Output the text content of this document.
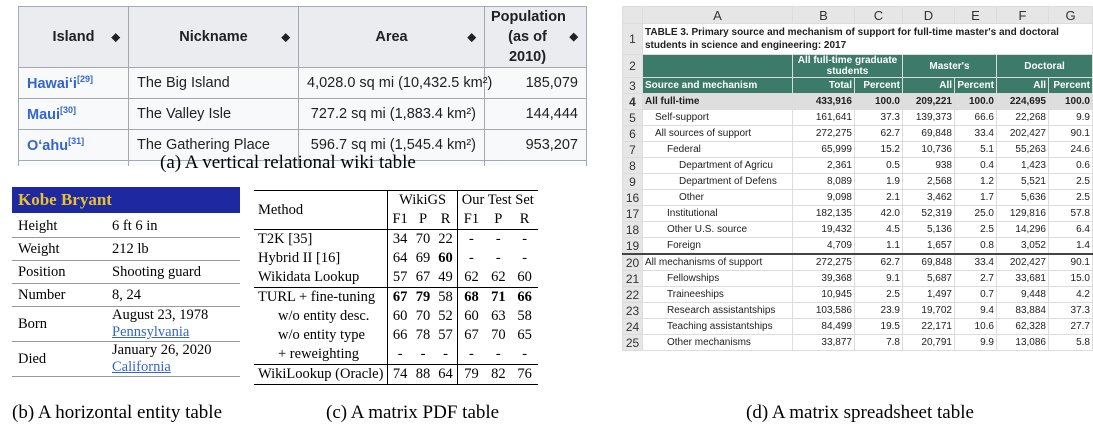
Island ◆	Nickname ◆	Area ◆	Population (as of 2010)
◆

Hawaiʻi[29]	The Big Island	4,028.0 sq mi (10,432.5 km²)	185,079
Maui[30]	The Valley Isle	727.2 sq mi (1,883.4 km²)	144,444
Oʻahu[31]	The Gathering Place	596.7 sq mi (1,545.4 km²)	953,207

(a) A vertical relational wiki table
Kobe Bryant
Height	6 ft 6 in

Weight	212 lb

Position	Shooting guard

Number	8, 24

Born	August 23, 1978
Pennsylvania
Died	January 26, 2020
California
(b) A horizontal entity table
Method	WikiGS			Our Test Set		
	F1	P	R	F1	P	R
T2K [35]	34	70	22	-	-	-
Hybrid II [16]	64	69	60	-	-	-
Wikidata Lookup	57	67	49	62	62	60
TURL + fine-tuning	67	79	58	68	71	66
w/o entity desc.	60	70	52	60	63	58
w/o entity type	66	78	57	67	70	65
+ reweighting	-	-	-	-	-	-
WikiLookup (Oracle)	74	88	64	79	82	76
(c) A matrix PDF table
	A	B	C	D	E	F	G
1	TABLE 3. Primary source and mechanism of support for full-time master's and doctoral students in science and engineering: 2017						
2		All full-time graduate students		Master's		Doctoral	
3	Source and mechanism	Total	Percent	All	Percent	All	Percent
4	All full-time	433,916	100.0	209,221	100.0	224,695	100.0
5	Self-support	161,641	37.3	139,373	66.6	22,268	9.9
6	All sources of support	272,275	62.7	69,848	33.4	202,427	90.1
7	Federal	65,999	15.2	10,736	5.1	55,263	24.6
8	Department of Agricu	2,361	0.5	938	0.4	1,423	0.6
9	Department of Defens	8,089	1.9	2,568	1.2	5,521	2.5
16	Other	9,098	2.1	3,462	1.7	5,636	2.5
17	Institutional	182,135	42.0	52,319	25.0	129,816	57.8
18	Other U.S. source	19,432	4.5	5,136	2.5	14,296	6.4
19	Foreign	4,709	1.1	1,657	0.8	3,052	1.4
20	All mechanisms of support	272,275	62.7	69,848	33.4	202,427	90.1
21	Fellowships	39,368	9.1	5,687	2.7	33,681	15.0
22	Traineeships	10,945	2.5	1,497	0.7	9,448	4.2
23	Research assistantships	103,586	23.9	19,702	9.4	83,884	37.3
24	Teaching assistantships	84,499	19.5	22,171	10.6	62,328	27.7
25	Other mechanisms	33,877	7.8	20,791	9.9	13,086	5.8
(d) A matrix spreadsheet table
